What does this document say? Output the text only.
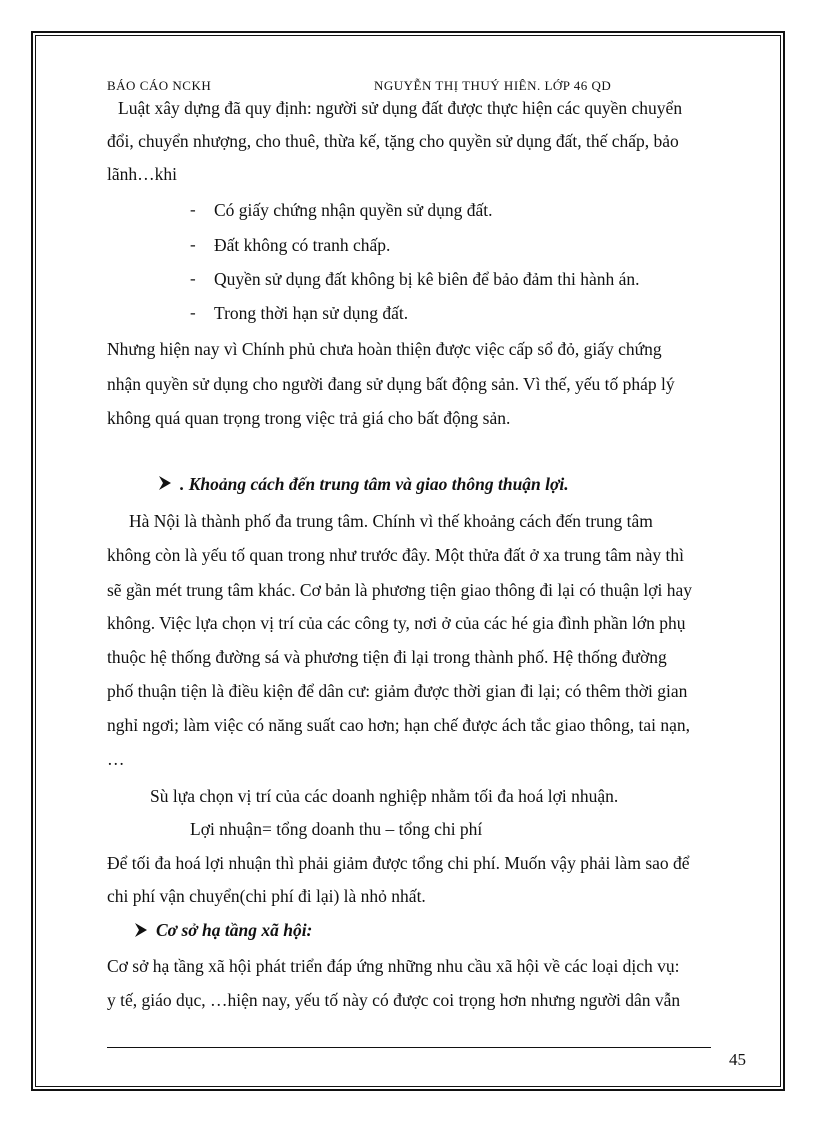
BÁO CÁO NCKH	NGUYỄN THỊ THUÝ HIÊN. LỚP 46 QD
Luật xây dựng đã quy định: người sử dụng đất được thực hiện các quyền chuyển
đổi, chuyển nhượng, cho thuê, thừa kế, tặng cho quyền sử dụng đất, thế chấp, bảo
lãnh…khi
- Có giấy chứng nhận quyền sử dụng đất.
- Đất không có tranh chấp.
- Quyền sử dụng đất không bị kê biên để bảo đảm thi hành án.
- Trong thời hạn sử dụng đất.
Nhưng hiện nay vì Chính phủ chưa hoàn thiện được việc cấp sổ đỏ, giấy chứng
nhận quyền sử dụng cho người đang sử dụng bất động sản. Vì thế, yếu tố pháp lý
không quá quan trọng trong việc trả giá cho bất động sản.
. Khoảng cách đến trung tâm và giao thông thuận lợi.
Hà Nội là thành phố đa trung tâm. Chính vì thế khoảng cách đến trung tâm
không còn là yếu tố quan trong như trước đây. Một thửa đất ở xa trung tâm này thì
sẽ gần mét trung tâm khác. Cơ bản là phương tiện giao thông đi lại có thuận lợi hay
không. Việc lựa chọn vị trí của các công ty, nơi ở của các hé gia đình phần lớn phụ
thuộc hệ thống đường sá và phương tiện đi lại trong thành phố. Hệ thống đường
phố thuận tiện là điều kiện để dân cư: giảm được thời gian đi lại; có thêm thời gian
nghỉ ngơi; làm việc có năng suất cao hơn; hạn chế được ách tắc giao thông, tai nạn,
…
Sù lựa chọn vị trí của các doanh nghiệp nhằm tối đa hoá lợi nhuận.
Lợi nhuận= tổng doanh thu – tổng chi phí
Để tối đa hoá lợi nhuận thì phải giảm được tổng chi phí. Muốn vậy phải làm sao để
chi phí vận chuyển(chi phí đi lại) là nhỏ nhất.
Cơ sở hạ tầng xã hội:
Cơ sở hạ tầng xã hội phát triển đáp ứng những nhu cầu xã hội về các loại dịch vụ:
y tế, giáo dục, …hiện nay, yếu tố này có được coi trọng hơn nhưng người dân vẫn
45
